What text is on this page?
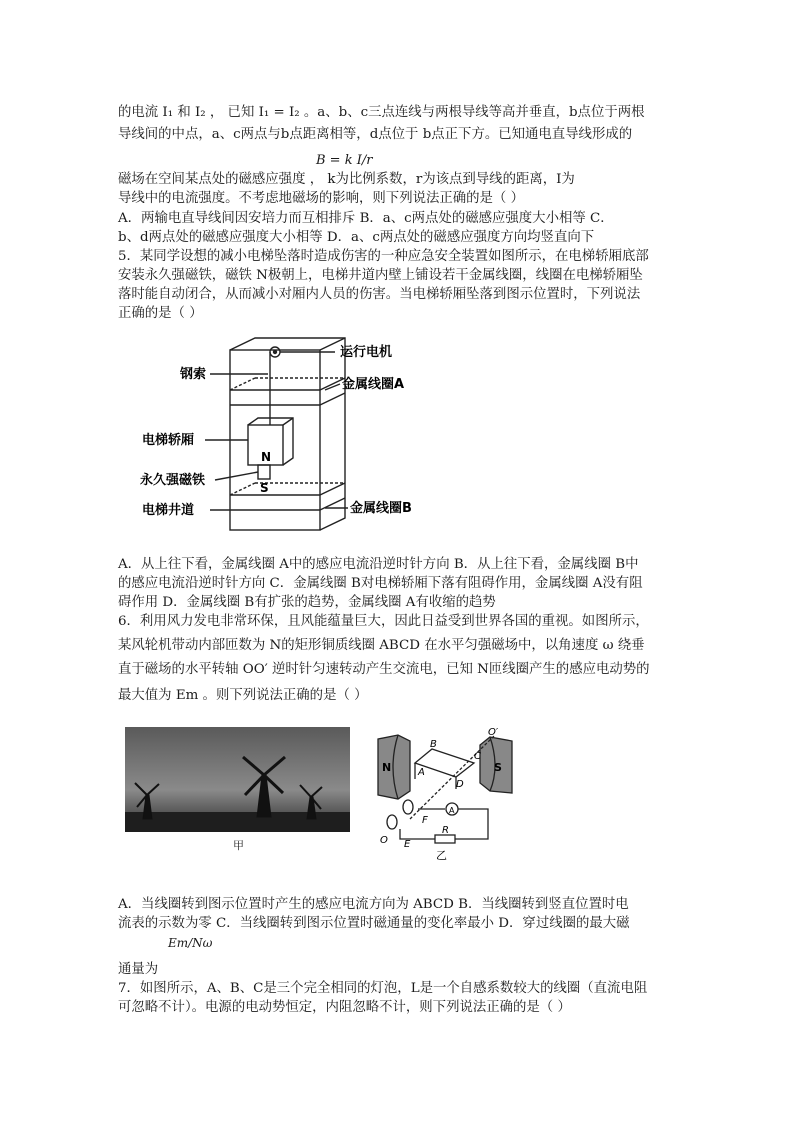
的电流 I₁ 和 I₂ ， 已知 I₁ = I₂ 。a、b、c三点连线与两根导线等高并垂直，b点位于两根
导线间的中点，a、c两点与b点距离相等，d点位于 b点正下方。已知通电直导线形成的
B = k I/r
磁场在空间某点处的磁感应强度 ， k为比例系数，r为该点到导线的距离，I为
导线中的电流强度。不考虑地磁场的影响，则下列说法正确的是（ ）
A．两输电直导线间因安培力而互相排斥 B．a、c两点处的磁感应强度大小相等 C．
b、d两点处的磁感应强度大小相等 D．a、c两点处的磁感应强度方向均竖直向下
5．某同学设想的减小电梯坠落时造成伤害的一种应急安全装置如图所示，在电梯轿厢底部
安装永久强磁铁，磁铁 N极朝上，电梯井道内壁上铺设若干金属线圈，线圈在电梯轿厢坠
落时能自动闭合，从而减小对厢内人员的伤害。当电梯轿厢坠落到图示位置时，下列说法
正确的是（ ）
运行电机
钢索
金属线圈A
电梯轿厢
N
永久强磁铁	S
电梯井道	金属线圈B
A．从上往下看，金属线圈 A中的感应电流沿逆时针方向 B．从上往下看，金属线圈 B中
的感应电流沿逆时针方向 C．金属线圈 B对电梯轿厢下落有阻碍作用，金属线圈 A没有阻
碍作用 D．金属线圈 B有扩张的趋势，金属线圈 A有收缩的趋势
6．利用风力发电非常环保，且风能蕴量巨大，因此日益受到世界各国的重视。如图所示，
某风轮机带动内部匝数为 N的矩形铜质线圈 ABCD 在水平匀强磁场中，以角速度 ω 绕垂
直于磁场的水平转轴 OO′ 逆时针匀速转动产生交流电，已知 N匝线圈产生的感应电动势的
最大值为 Em 。则下列说法正确的是（ ）
甲
N	S
A
B
C
D
O′
O E
F
A
R
乙
A．当线圈转到图示位置时产生的感应电流方向为 ABCD B．当线圈转到竖直位置时电
流表的示数为零 C．当线圈转到图示位置时磁通量的变化率最小 D．穿过线圈的最大磁
Em/Nω
通量为
7．如图所示，A、B、C是三个完全相同的灯泡，L是一个自感系数较大的线圈（直流电阻
可忽略不计）。电源的电动势恒定，内阻忽略不计，则下列说法正确的是（ ）
